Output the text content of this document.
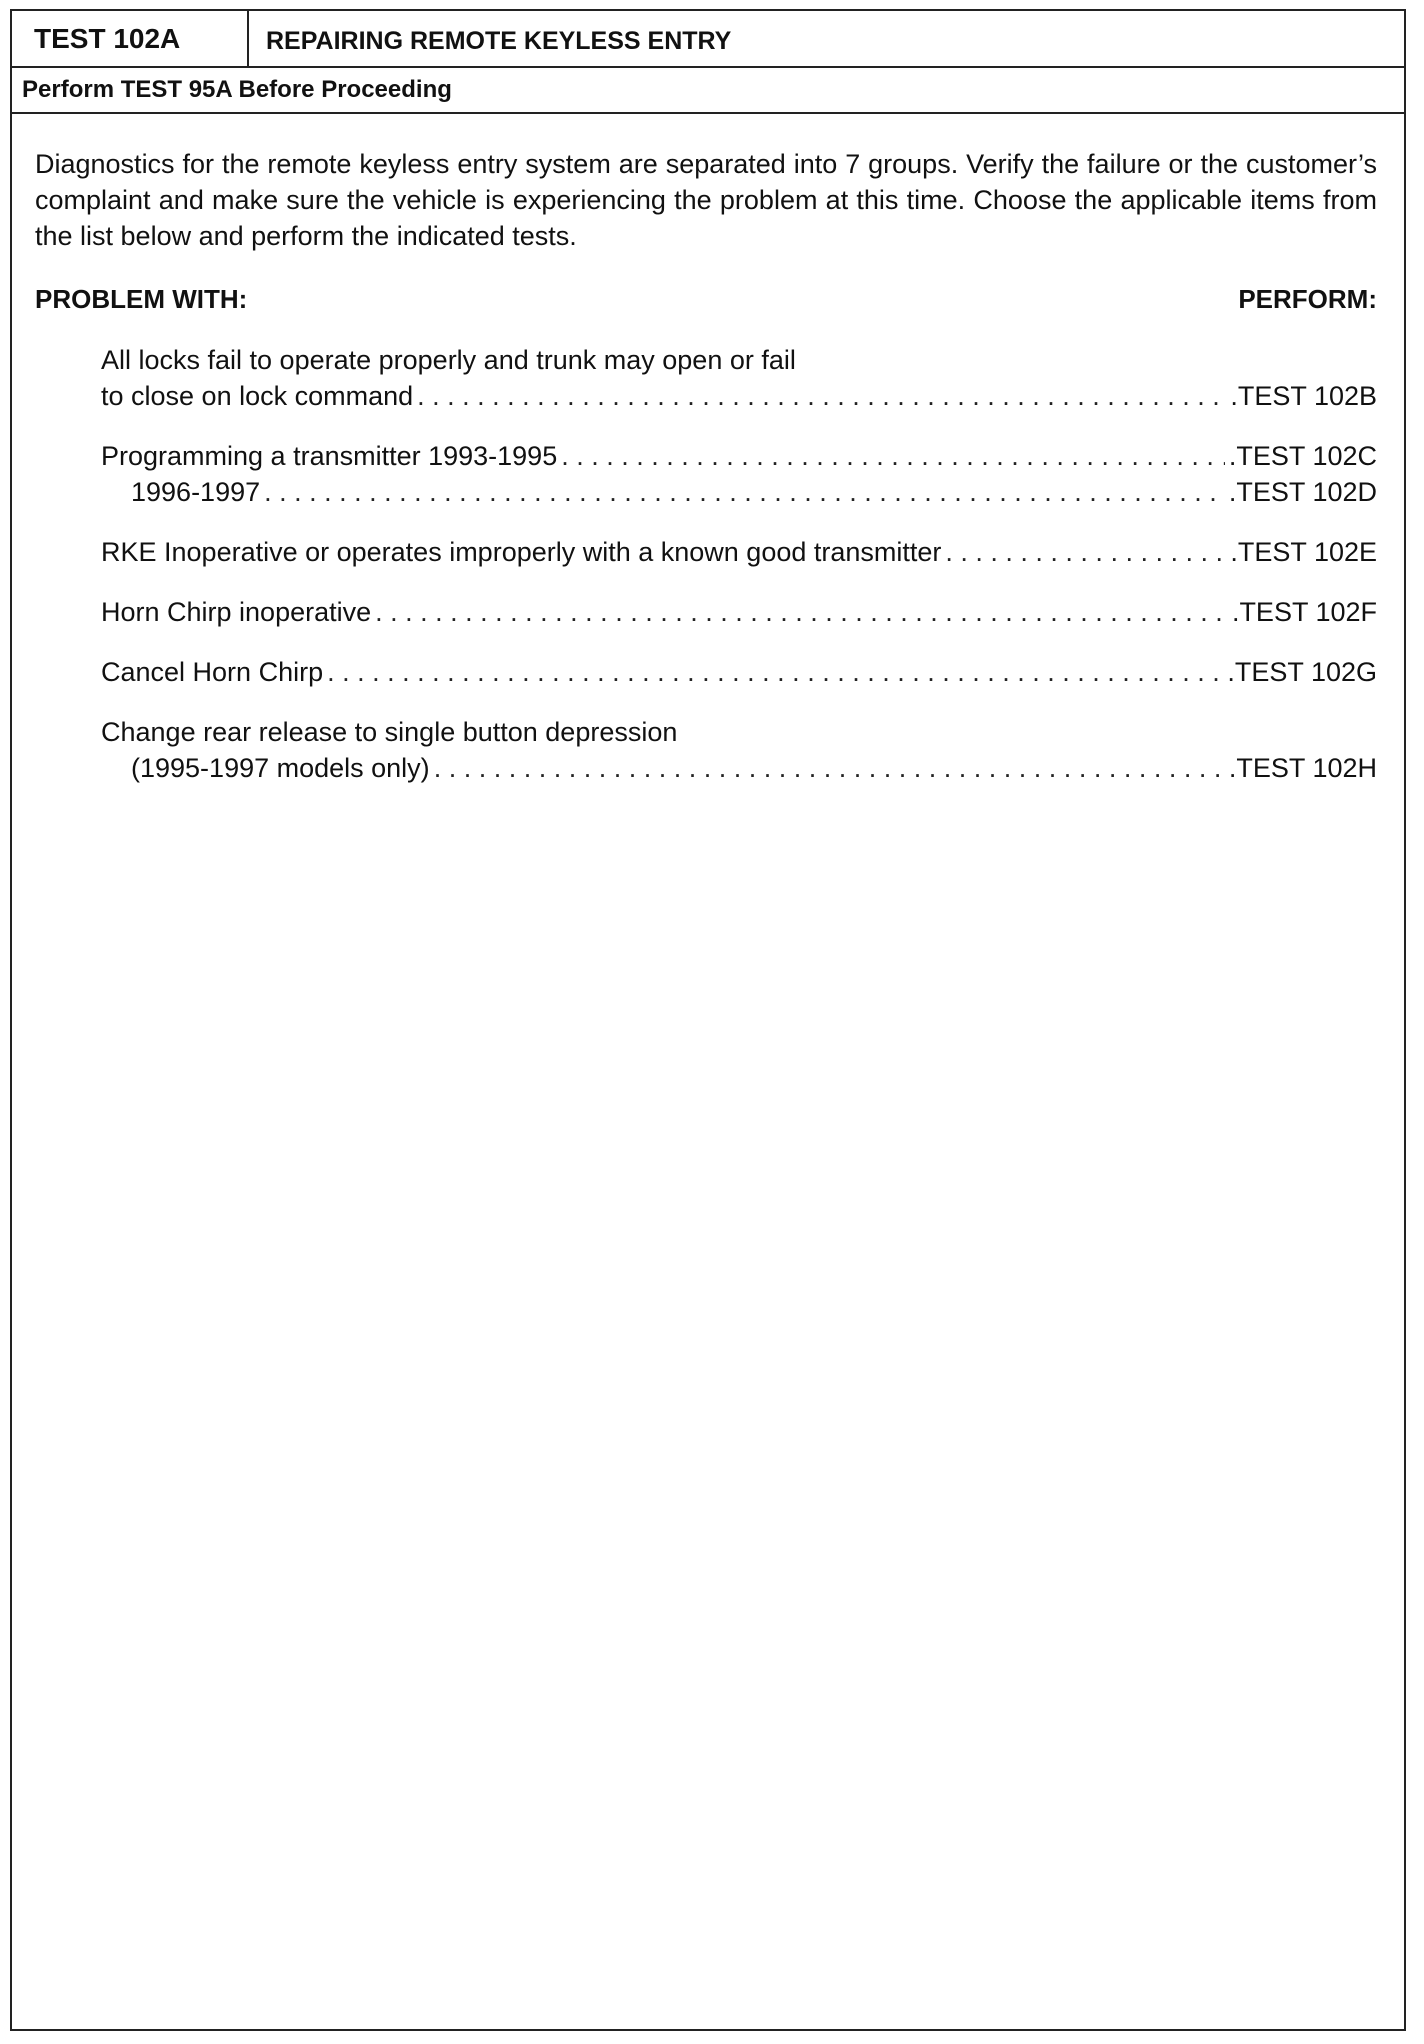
TEST 102A	REPAIRING REMOTE KEYLESS ENTRY
Perform TEST 95A Before Proceeding
Diagnostics for the remote keyless entry system are separated into 7 groups. Verify the failure or the customer’s complaint and make sure the vehicle is experiencing the problem at this time. Choose the applicable items from the list below and perform the indicated tests.
PROBLEM WITH:	PERFORM:
All locks fail to operate properly and trunk may open or fail
to close on lock command . . .	.TEST 102B
Programming a transmitter 1993-1995 . . .	.TEST 102C
1996-1997 . . .	.TEST 102D
RKE Inoperative or operates improperly with a known good transmitter . . .	.TEST 102E
Horn Chirp inoperative . . .	.TEST 102F
Cancel Horn Chirp . . .	.TEST 102G
Change rear release to single button depression
(1995-1997 models only) . . .	.TEST 102H
